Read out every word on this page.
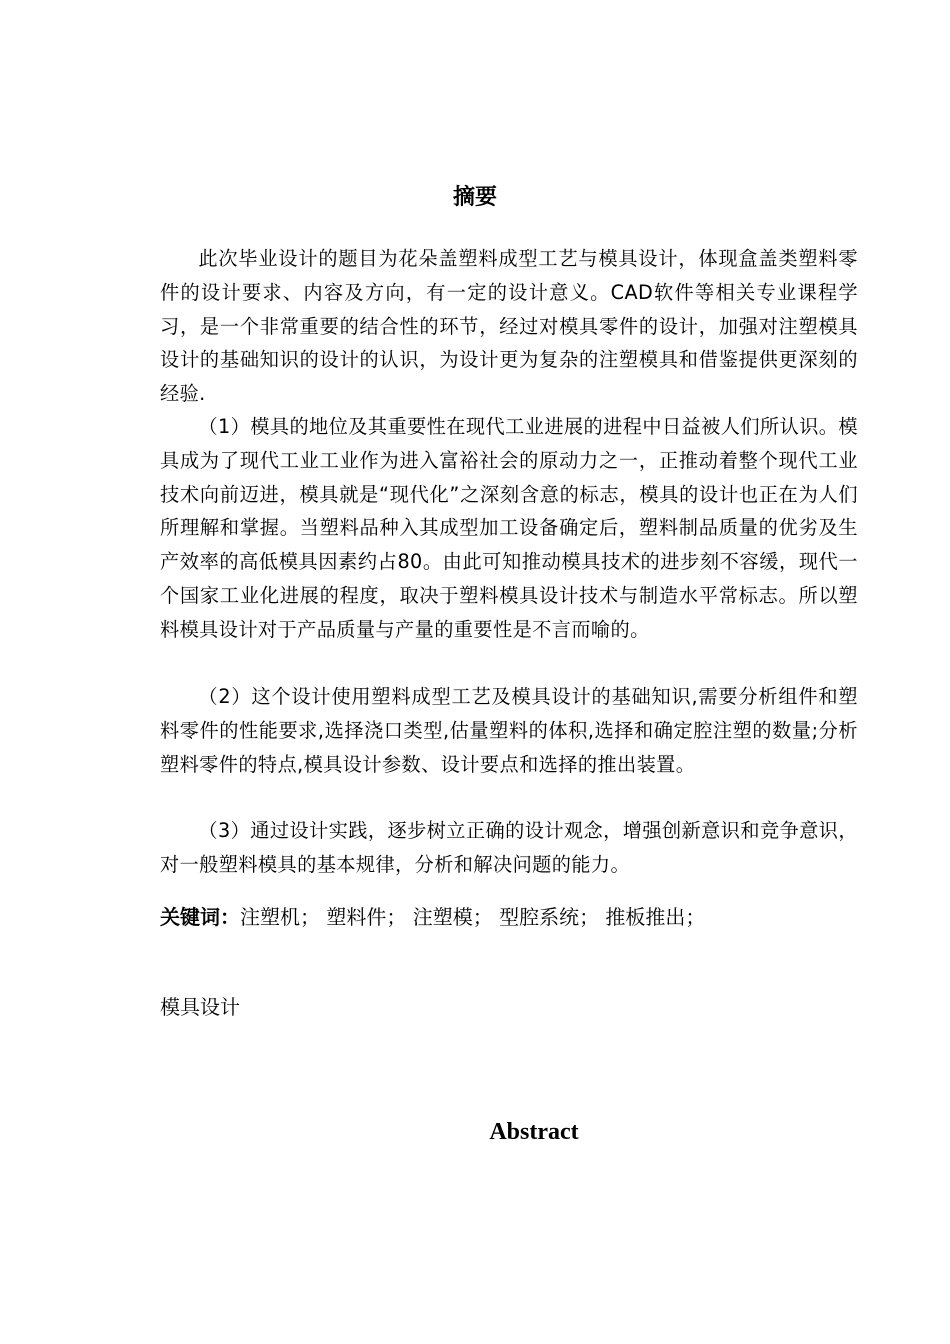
摘要

此次毕业设计的题目为花朵盖塑料成型工艺与模具设计，体现盒盖类塑料零件的设计要求、内容及方向，有一定的设计意义。CAD软件等相关专业课程学习，是一个非常重要的结合性的环节，经过对模具零件的设计，加强对注塑模具设计的基础知识的设计的认识，为设计更为复杂的注塑模具和借鉴提供更深刻的经验.

（1）模具的地位及其重要性在现代工业进展的进程中日益被人们所认识。模具成为了现代工业工业作为进入富裕社会的原动力之一，正推动着整个现代工业技术向前迈进，模具就是“现代化”之深刻含意的标志，模具的设计也正在为人们所理解和掌握。当塑料品种入其成型加工设备确定后，塑料制品质量的优劣及生产效率的高低模具因素约占80。由此可知推动模具技术的进步刻不容缓，现代一个国家工业化进展的程度，取决于塑料模具设计技术与制造水平常标志。所以塑料模具设计对于产品质量与产量的重要性是不言而喻的。

（2）这个设计使用塑料成型工艺及模具设计的基础知识,需要分析组件和塑料零件的性能要求,选择浇口类型,估量塑料的体积,选择和确定腔注塑的数量;分析塑料零件的特点,模具设计参数、设计要点和选择的推出装置。

（3）通过设计实践，逐步树立正确的设计观念，增强创新意识和竞争意识，对一般塑料模具的基本规律，分析和解决问题的能力。

关键词：注塑机； 塑料件； 注塑模； 型腔系统； 推板推出；

模具设计

Abstract
